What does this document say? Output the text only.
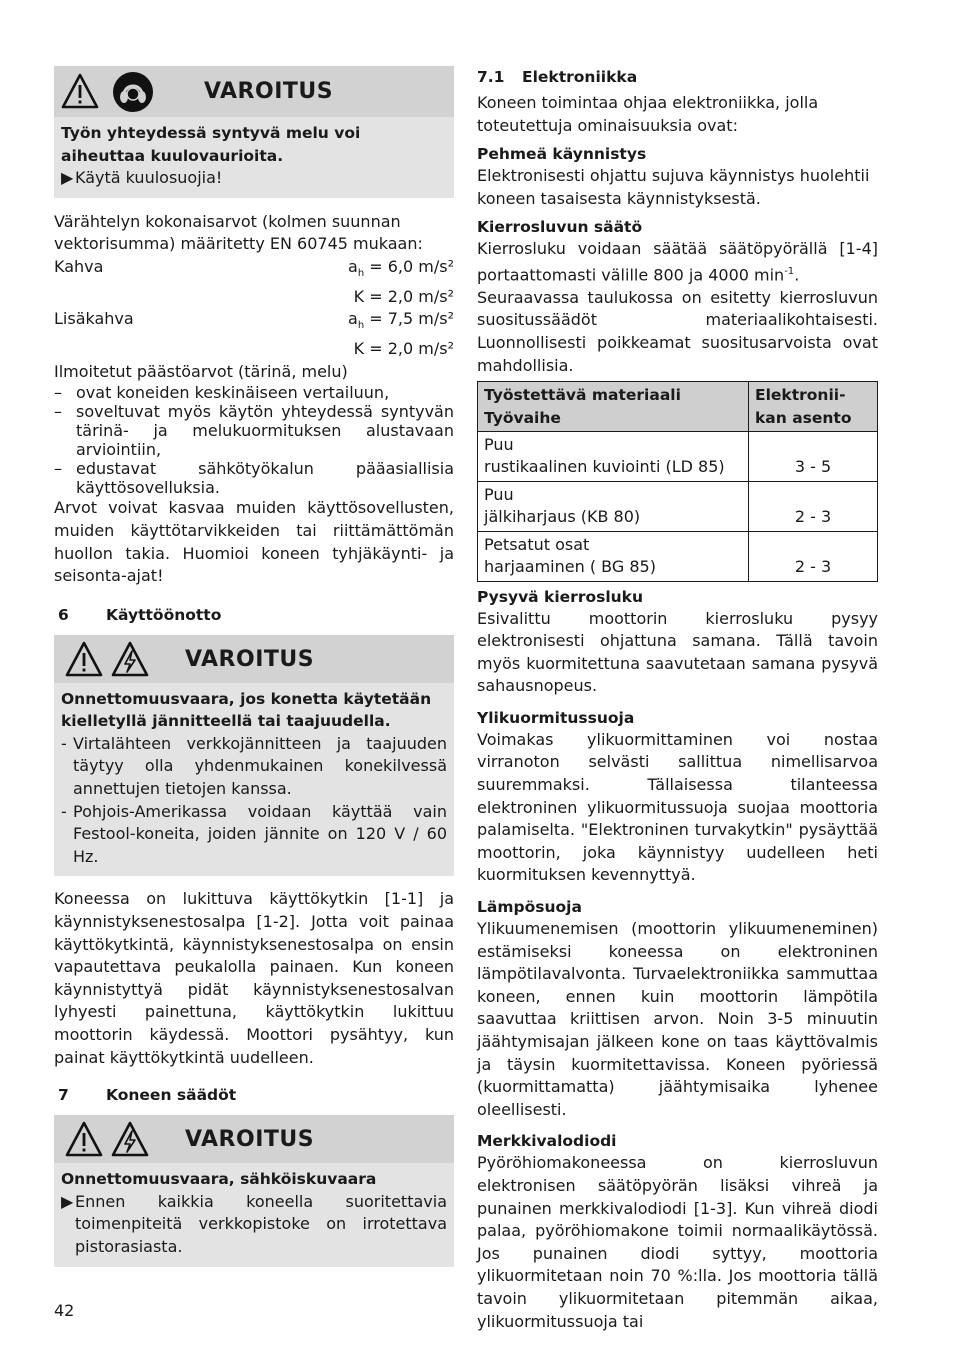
VAROITUS
Työn yhteydessä syntyvä melu voi aiheuttaa kuulovaurioita.
▶ Käytä kuulosuojia!

Värähtelyn kokonaisarvot (kolmen suunnan vektorisumma) määritetty EN 60745 mukaan:

Kahva	$a_h = 6,0$ m/s²
K = 2,0 m/s²
Lisäkahva	$a_h = 7,5$ m/s²
K = 2,0 m/s²

Ilmoitetut päästöarvot (tärinä, melu)

– ovat koneiden keskinäiseen vertailuun,
– soveltuvat myös käytön yhteydessä syntyvän tärinä- ja melukuormituksen alustavaan arviointiin,
– edustavat sähkötyökalun pääasiallisia käyttösovelluksia.

Arvot voivat kasvaa muiden käyttösovellusten, muiden käyttötarvikkeiden tai riittämättömän huollon takia. Huomioi koneen tyhjäkäynti- ja seisonta-ajat!

6	Käyttöönotto
VAROITUS
Onnettomuusvaara, jos konetta käytetään kielletyllä jännitteellä tai taajuudella.
- Virtalähteen verkkojännitteen ja taajuuden täytyy olla yhdenmukainen konekilvessä annettujen tietojen kanssa.
- Pohjois-Amerikassa voidaan käyttää vain Festool-koneita, joiden jännite on 120 V / 60 Hz.

Koneessa on lukittuva käyttökytkin [1-1] ja käynnistyksenestosalpa [1-2]. Jotta voit painaa käyttökytkintä, käynnistyksenestosalpa on ensin vapautettava peukalolla painaen. Kun koneen käynnistyttyä pidät käynnistyksenestosalvan lyhyesti painettuna, käyttökytkin lukittuu moottorin käydessä. Moottori pysähtyy, kun painat käyttökytkintä uudelleen.

7	Koneen säädöt
VAROITUS
Onnettomuusvaara, sähköiskuvaara
▶ Ennen kaikkia koneella suoritettavia toimenpiteitä verkkopistoke on irrotettava pistorasiasta.
7.1	Elektroniikka

Koneen toimintaa ohjaa elektroniikka, jolla toteutettuja ominaisuuksia ovat:

Pehmeä käynnistys

Elektronisesti ohjattu sujuva käynnistys huolehtii koneen tasaisesta käynnistyksestä.

Kierrosluvun säätö

Kierrosluku voidaan säätää säätöpyörällä [1-4] portaattomasti välille 800 ja 4000 $\min^{-1}$.

Seuraavassa taulukossa on esitetty kierrosluvun suositussäädöt materiaalikohtaisesti. Luonnollisesti poikkeamat suositusarvoista ovat mahdollisia.

Työstettävä materiaali
Työvaihe	Elektronii-
kan asento
Puu
rustikaalinen kuviointi (LD 85)	3 - 5
Puu
jälkiharjaus (KB 80)	2 - 3
Petsatut osat
harjaaminen ( BG 85)	2 - 3
Pysyvä kierrosluku

Esivalittu moottorin kierrosluku pysyy elektronisesti ohjattuna samana. Tällä tavoin myös kuormitettuna saavutetaan samana pysyvä sahausnopeus.

Ylikuormitussuoja

Voimakas ylikuormittaminen voi nostaa virranoton selvästi sallittua nimellisarvoa suuremmaksi. Tällaisessa tilanteessa elektroninen ylikuormitussuoja suojaa moottoria palamiselta. "Elektroninen turvakytkin" pysäyttää moottorin, joka käynnistyy uudelleen heti kuormituksen kevennyttyä.

Lämpösuoja

Ylikuumenemisen (moottorin ylikuumeneminen) estämiseksi koneessa on elektroninen lämpötilavalvonta. Turvaelektroniikka sammuttaa koneen, ennen kuin moottorin lämpötila saavuttaa kriittisen arvon. Noin 3-5 minuutin jäähtymisajan jälkeen kone on taas käyttövalmis ja täysin kuormitettavissa. Koneen pyöriessä (kuormittamatta) jäähtymisaika lyhenee oleellisesti.

Merkkivalodiodi

Pyöröhiomakoneessa on kierrosluvun elektronisen säätöpyörän lisäksi vihreä ja punainen merkkivalodiodi [1-3]. Kun vihreä diodi palaa, pyöröhiomakone toimii normaalikäytössä. Jos punainen diodi syttyy, moottoria ylikuormitetaan noin 70 %:lla. Jos moottoria tällä tavoin ylikuormitetaan pitemmän aikaa, ylikuormitussuoja tai

42
